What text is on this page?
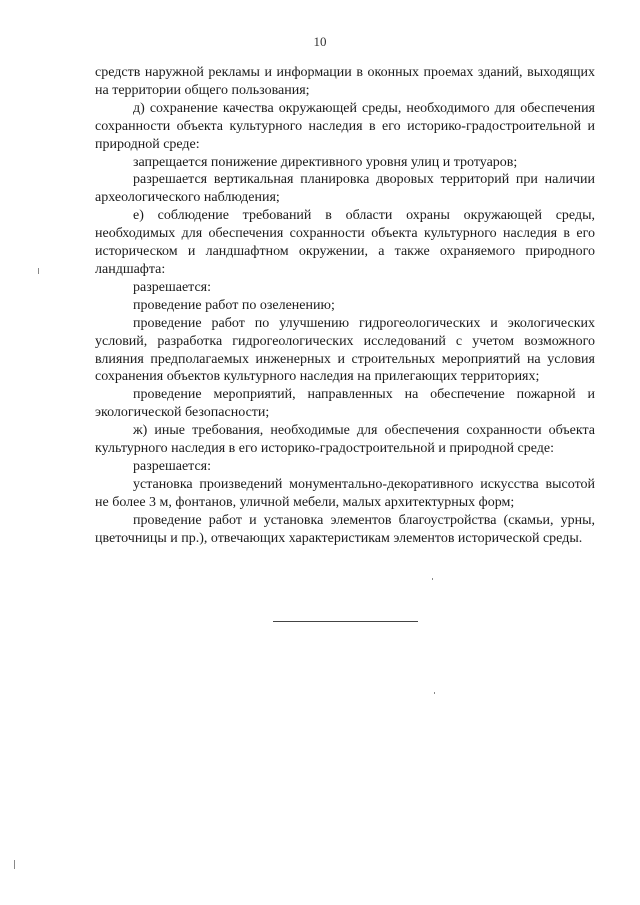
10

средств наружной рекламы и информации в оконных проемах зданий, выходящих на территории общего пользования;

д) сохранение качества окружающей среды, необходимого для обеспечения сохранности объекта культурного наследия в его историко-градостроительной и природной среде:

запрещается понижение директивного уровня улиц и тротуаров;

разрешается вертикальная планировка дворовых территорий при наличии археологического наблюдения;

е) соблюдение требований в области охраны окружающей среды, необходимых для обеспечения сохранности объекта культурного наследия в его историческом и ландшафтном окружении, а также охраняемого природного ландшафта:

разрешается:

проведение работ по озеленению;

проведение работ по улучшению гидрогеологических и экологических условий, разработка гидрогеологических исследований с учетом возможного влияния предполагаемых инженерных и строительных мероприятий на условия сохранения объектов культурного наследия на прилегающих территориях;

проведение мероприятий, направленных на обеспечение пожарной и экологической безопасности;

ж) иные требования, необходимые для обеспечения сохранности объекта культурного наследия в его историко-градостроительной и природной среде:

разрешается:

установка произведений монументально-декоративного искусства высотой не более 3 м, фонтанов, уличной мебели, малых архитектурных форм;

проведение работ и установка элементов благоустройства (скамьи, урны, цветочницы и пр.), отвечающих характеристикам элементов исторической среды.
